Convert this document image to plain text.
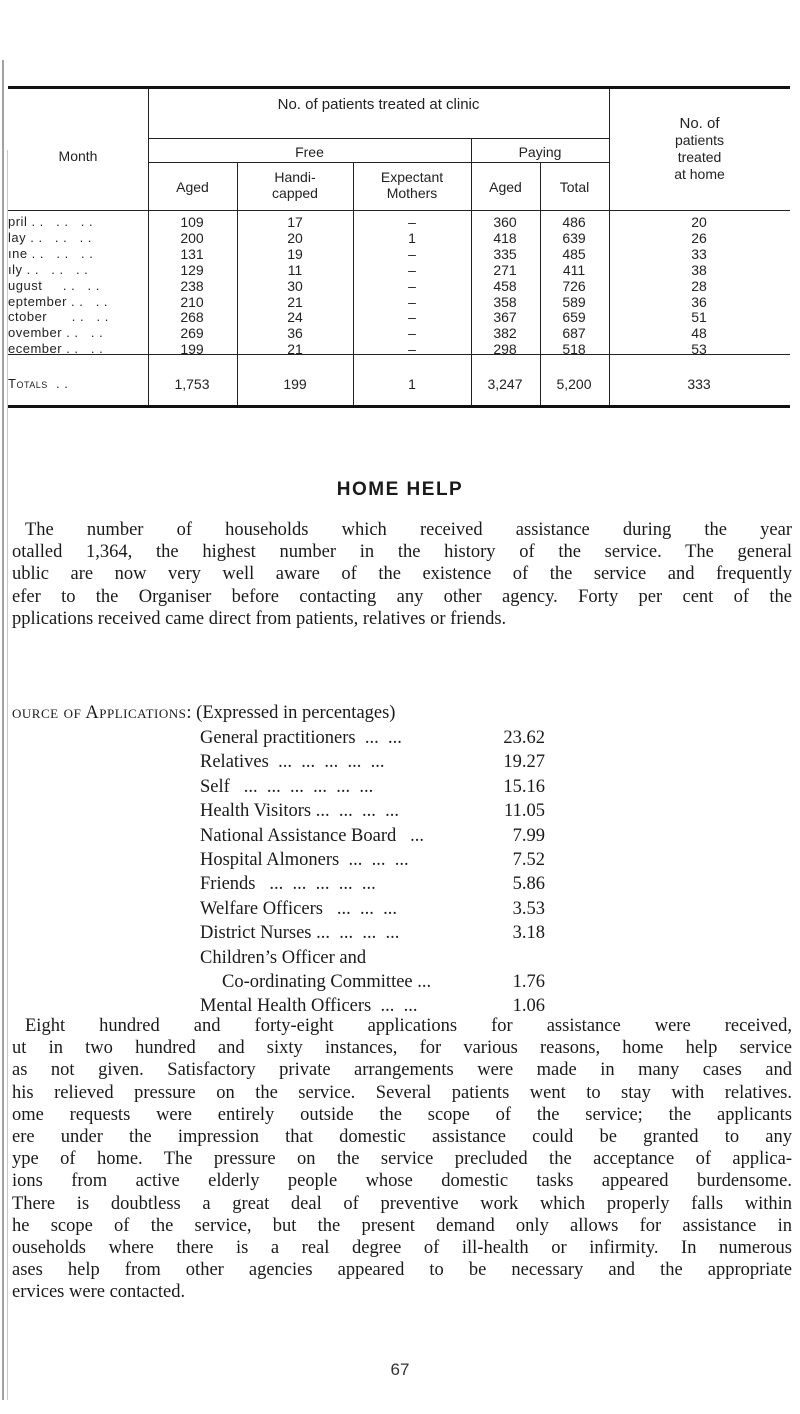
Month
No. of patients treated at clinic
Free	Paying
No. of
patients
treated
at home
Aged
Handi-
capped
Expectant
Mothers	Aged	Total
pril . .   . .   . .	109	17	–	360	486	20
lay . .   . .   . .	200	20	1	418	639	26
ıne . .   . .   . .	131	19	–	335	485	33
ıly . .   . .   . .	129	11	–	271	411	38
ugust     . .   . .	238	30	–	458	726	28
eptember . .   . .	210	21	–	358	589	36
ctober      . .   . .	268	24	–	367	659	51
ovember . .   . .	269	36	–	382	687	48
ecember . .   . .	199	21	–	298	518	53
Totals . .	1,753	199	1	3,247	5,200	333
HOME HELP
The number of households which received assistance during the year
otalled 1,364, the highest number in the history of the service. The general
ublic are now very well aware of the existence of the service and frequently
efer to the Organiser before contacting any other agency. Forty per cent of the
pplications received came direct from patients, relatives or friends.
ource of Applications: (Expressed in percentages)
General practitioners  ...  ...	23.62
Relatives  ...  ...  ...  ...  ...	19.27
Self   ...  ...  ...  ...  ...  ...	15.16
Health Visitors ...  ...  ...  ...	11.05
National Assistance Board   ...	7.99
Hospital Almoners  ...  ...  ...	7.52
Friends   ...  ...  ...  ...  ...	5.86
Welfare Officers   ...  ...  ...	3.53
District Nurses ...  ...  ...  ...	3.18
Children’s Officer and
Co-ordinating Committee ...	1.76
Mental Health Officers  ...  ...	1.06
Eight hundred and forty-eight applications for assistance were received,
ut in two hundred and sixty instances, for various reasons, home help service
as not given. Satisfactory private arrangements were made in many cases and
his relieved pressure on the service. Several patients went to stay with relatives.
ome requests were entirely outside the scope of the service; the applicants
ere under the impression that domestic assistance could be granted to any
ype of home. The pressure on the service precluded the acceptance of applica-
ions from active elderly people whose domestic tasks appeared burdensome.
There is doubtless a great deal of preventive work which properly falls within
he scope of the service, but the present demand only allows for assistance in
ouseholds where there is a real degree of ill-health or infirmity. In numerous
ases help from other agencies appeared to be necessary and the appropriate
ervices were contacted.
67
